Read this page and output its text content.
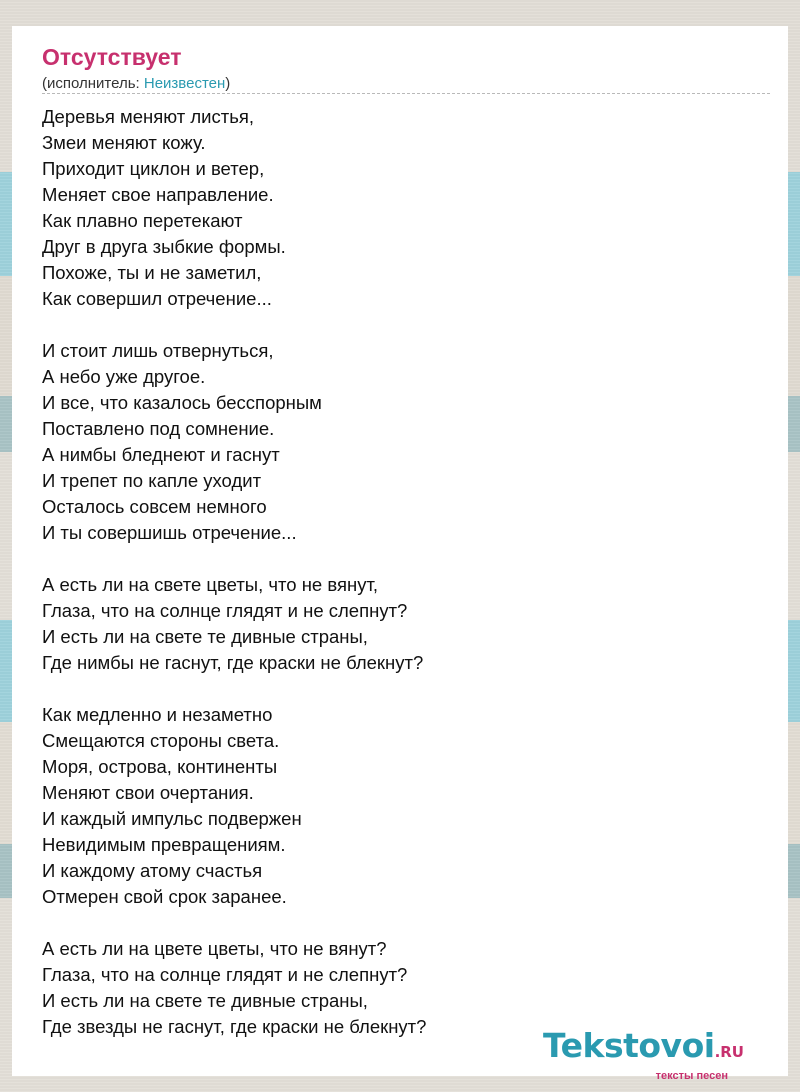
Отсутствует
(исполнитель: Неизвестен)
Деревья меняют листья,
Змеи меняют кожу.
Приходит циклон и ветер,
Меняет свое направление.
Как плавно перетекают
Друг в друга зыбкие формы.
Похоже, ты и не заметил,
Как совершил отречение...

И стоит лишь отвернуться,
А небо уже другое.
И все, что казалось бесспорным
Поставлено под сомнение.
А нимбы бледнеют и гаснут
И трепет по капле уходит
Осталось совсем немного
И ты совершишь отречение...

А есть ли на свете цветы, что не вянут,
Глаза, что на солнце глядят и не слепнут?
И есть ли на свете те дивные страны,
Где нимбы не гаснут, где краски не блекнут?

Как медленно и незаметно
Смещаются стороны света.
Моря, острова, континенты
Меняют свои очертания.
И каждый импульс подвержен
Невидимым превращениям.
И каждому атому счастья
Отмерен свой срок заранее.

А есть ли на цвете цветы, что не вянут?
Глаза, что на солнце глядят и не слепнут?
И есть ли на свете те дивные страны,
Где звезды не гаснут, где краски не блекнут?	Tekstovoi.RU
тексты песен
